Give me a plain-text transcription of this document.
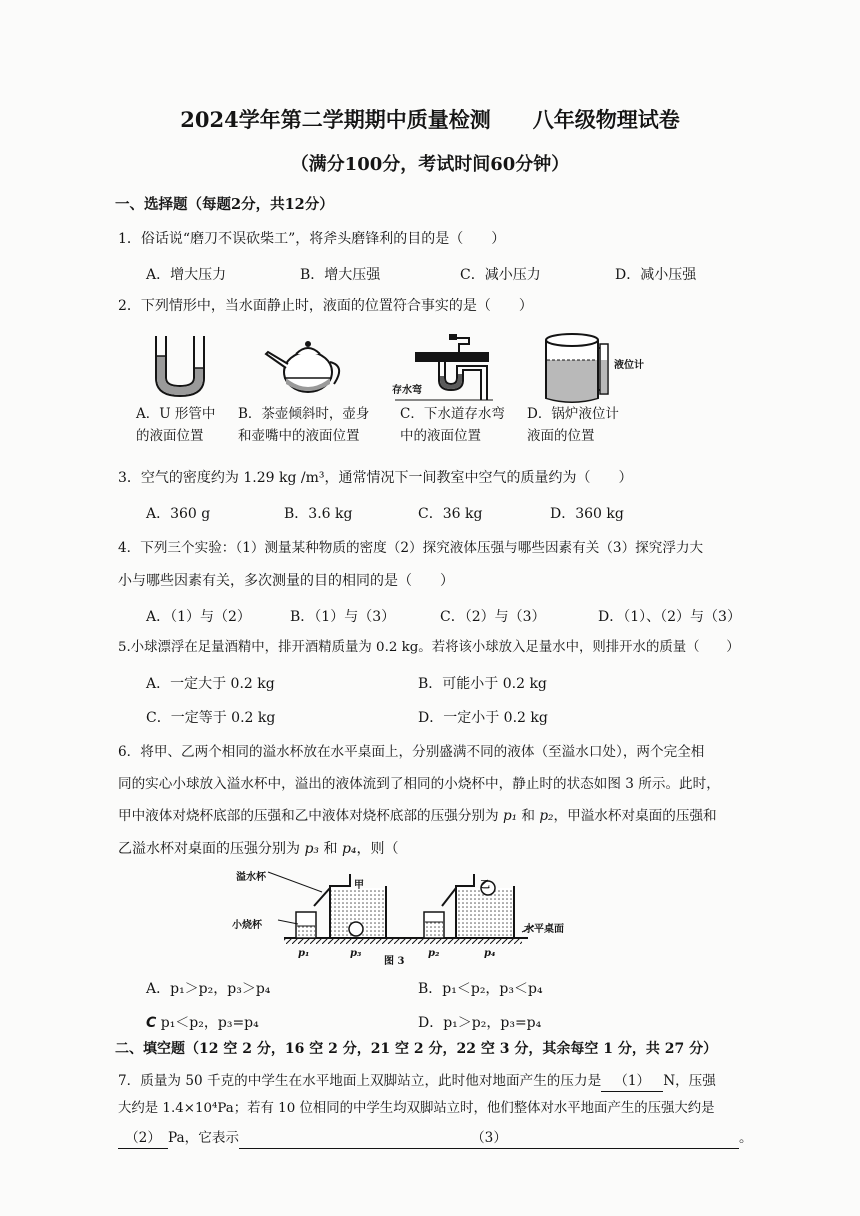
2024学年第二学期期中质量检测　　八年级物理试卷
（满分100分，考试时间60分钟）
一、选择题（每题2分，共12分）
1．俗话说“磨刀不误砍柴工”，将斧头磨锋利的目的是（　　）
A．增大压力	B．增大压强	C．减小压力	D．减小压强
2．下列情形中，当水面静止时，液面的位置符合事实的是（　　）
存水弯
液位计
A．U 形管中
的液面位置
B．茶壶倾斜时，壶身
和壶嘴中的液面位置
C．下水道存水弯
中的液面位置
D．锅炉液位计
液面的位置
3．空气的密度约为 1.29 kg /m³，通常情况下一间教室中空气的质量约为（　　）
A．360 g	B．3.6 kg	C．36 kg	D．360 kg
4．下列三个实验：（1）测量某种物质的密度（2）探究液体压强与哪些因素有关（3）探究浮力大
小与哪些因素有关，多次测量的目的相同的是（　　）
A．（1）与（2）	B．（1）与（3）	C．（2）与（3）	D．（1）、（2）与（3）
5.小球漂浮在足量酒精中，排开酒精质量为 0.2 kg。若将该小球放入足量水中，则排开水的质量（　　）
A．一定大于 0.2 kg	B．可能小于 0.2 kg
C．一定等于 0.2 kg	D．一定小于 0.2 kg
6．将甲、乙两个相同的溢水杯放在水平桌面上，分别盛满不同的液体（至溢水口处），两个完全相
同的实心小球放入溢水杯中，溢出的液体流到了相同的小烧杯中，静止时的状态如图 3 所示。此时，
甲中液体对烧杯底部的压强和乙中液体对烧杯底部的压强分别为 p₁ 和 p₂，甲溢水杯对桌面的压强和
乙溢水杯对桌面的压强分别为 p₃ 和 p₄，则（
溢水杯
甲	乙
小烧杯	水平桌面
p₁	p₃
图 3
p₂	p₄
A．p₁＞p₂，p₃＞p₄	B．p₁＜p₂，p₃＜p₄
C p₁＜p₂，p₃=p₄	D．p₁＞p₂，p₃=p₄
二、填空题（12 空 2 分，16 空 2 分，21 空 2 分，22 空 3 分，其余每空 1 分，共 27 分）
7．质量为 50 千克的中学生在水平地面上双脚站立，此时他对地面产生的压力是 （1） N，压强
大约是 1.4×10⁴Pa；若有 10 位相同的中学生均双脚站立时，他们整体对水平地面产生的压强大约是
（2） Pa，它表示	（3）	。
